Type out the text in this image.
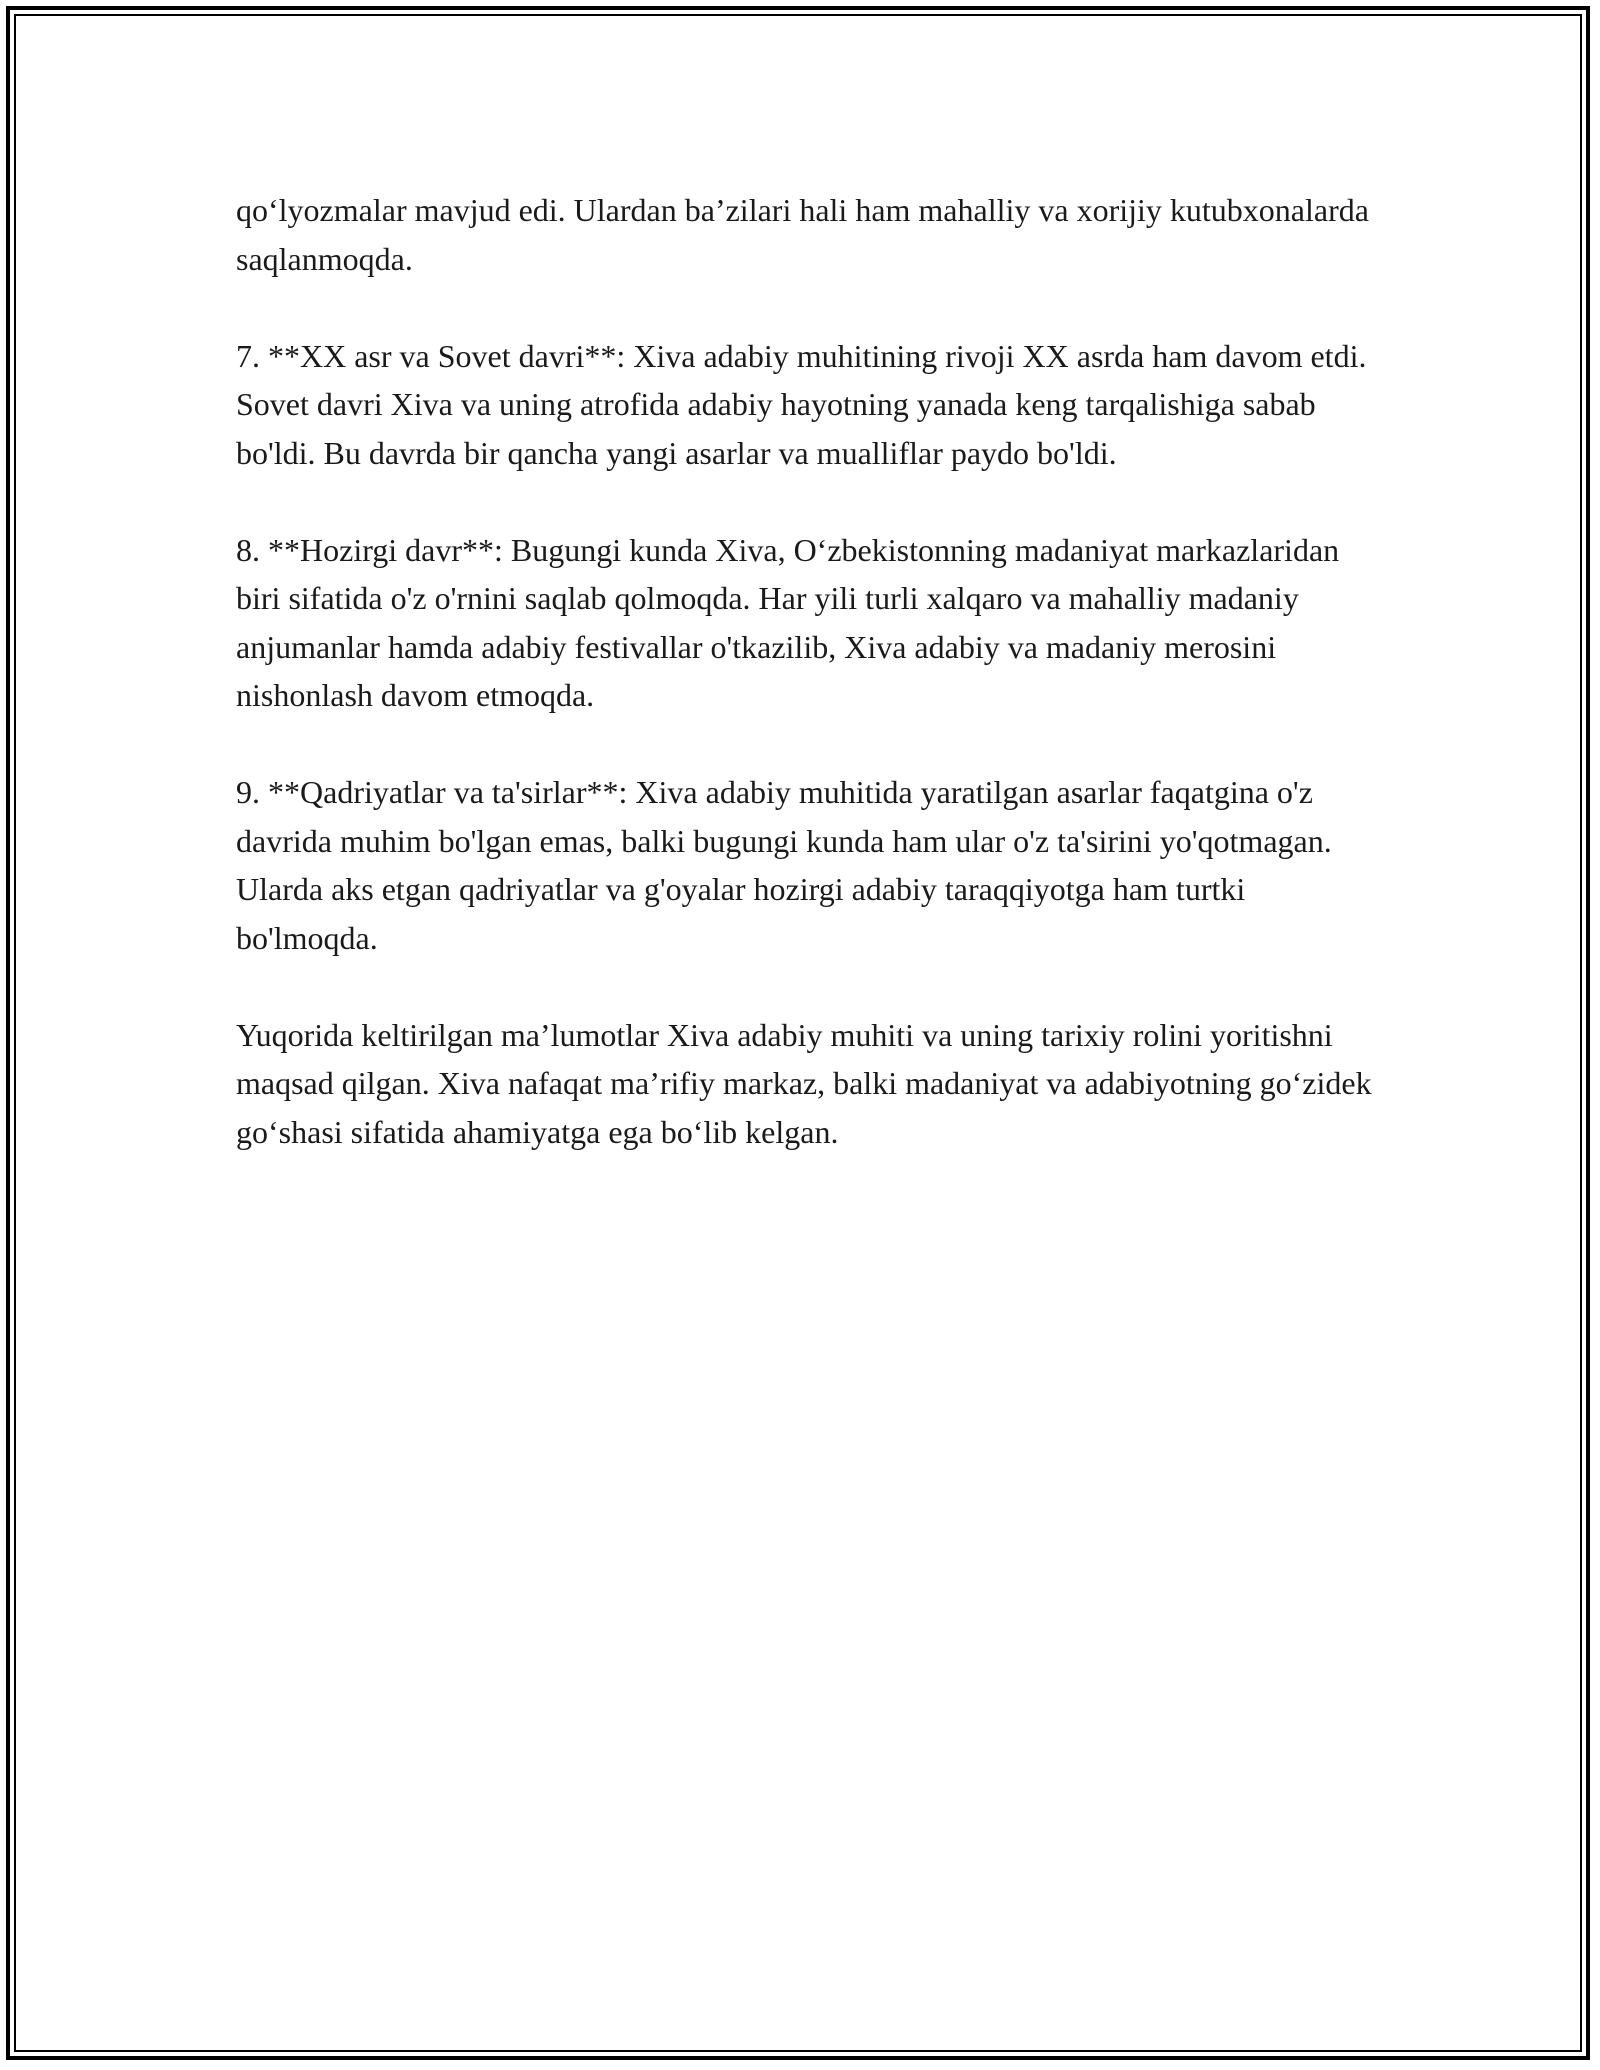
qo‘lyozmalar mavjud edi. Ulardan ba’zilari hali ham mahalliy va xorijiy kutubxonalarda saqlanmoqda.

7. **XX asr va Sovet davri**: Xiva adabiy muhitining rivoji XX asrda ham davom etdi. Sovet davri Xiva va uning atrofida adabiy hayotning yanada keng tarqalishiga sabab bo'ldi. Bu davrda bir qancha yangi asarlar va mualliflar paydo bo'ldi.

8. **Hozirgi davr**: Bugungi kunda Xiva, O‘zbekistonning madaniyat markazlaridan biri sifatida o'z o'rnini saqlab qolmoqda. Har yili turli xalqaro va mahalliy madaniy anjumanlar hamda adabiy festivallar o'tkazilib, Xiva adabiy va madaniy merosini nishonlash davom etmoqda.

9. **Qadriyatlar va ta'sirlar**: Xiva adabiy muhitida yaratilgan asarlar faqatgina o'z davrida muhim bo'lgan emas, balki bugungi kunda ham ular o'z ta'sirini yo'qotmagan. Ularda aks etgan qadriyatlar va g'oyalar hozirgi adabiy taraqqiyotga ham turtki bo'lmoqda.

Yuqorida keltirilgan ma’lumotlar Xiva adabiy muhiti va uning tarixiy rolini yoritishni maqsad qilgan. Xiva nafaqat ma’rifiy markaz, balki madaniyat va adabiyotning go‘zidek go‘shasi sifatida ahamiyatga ega bo‘lib kelgan.
